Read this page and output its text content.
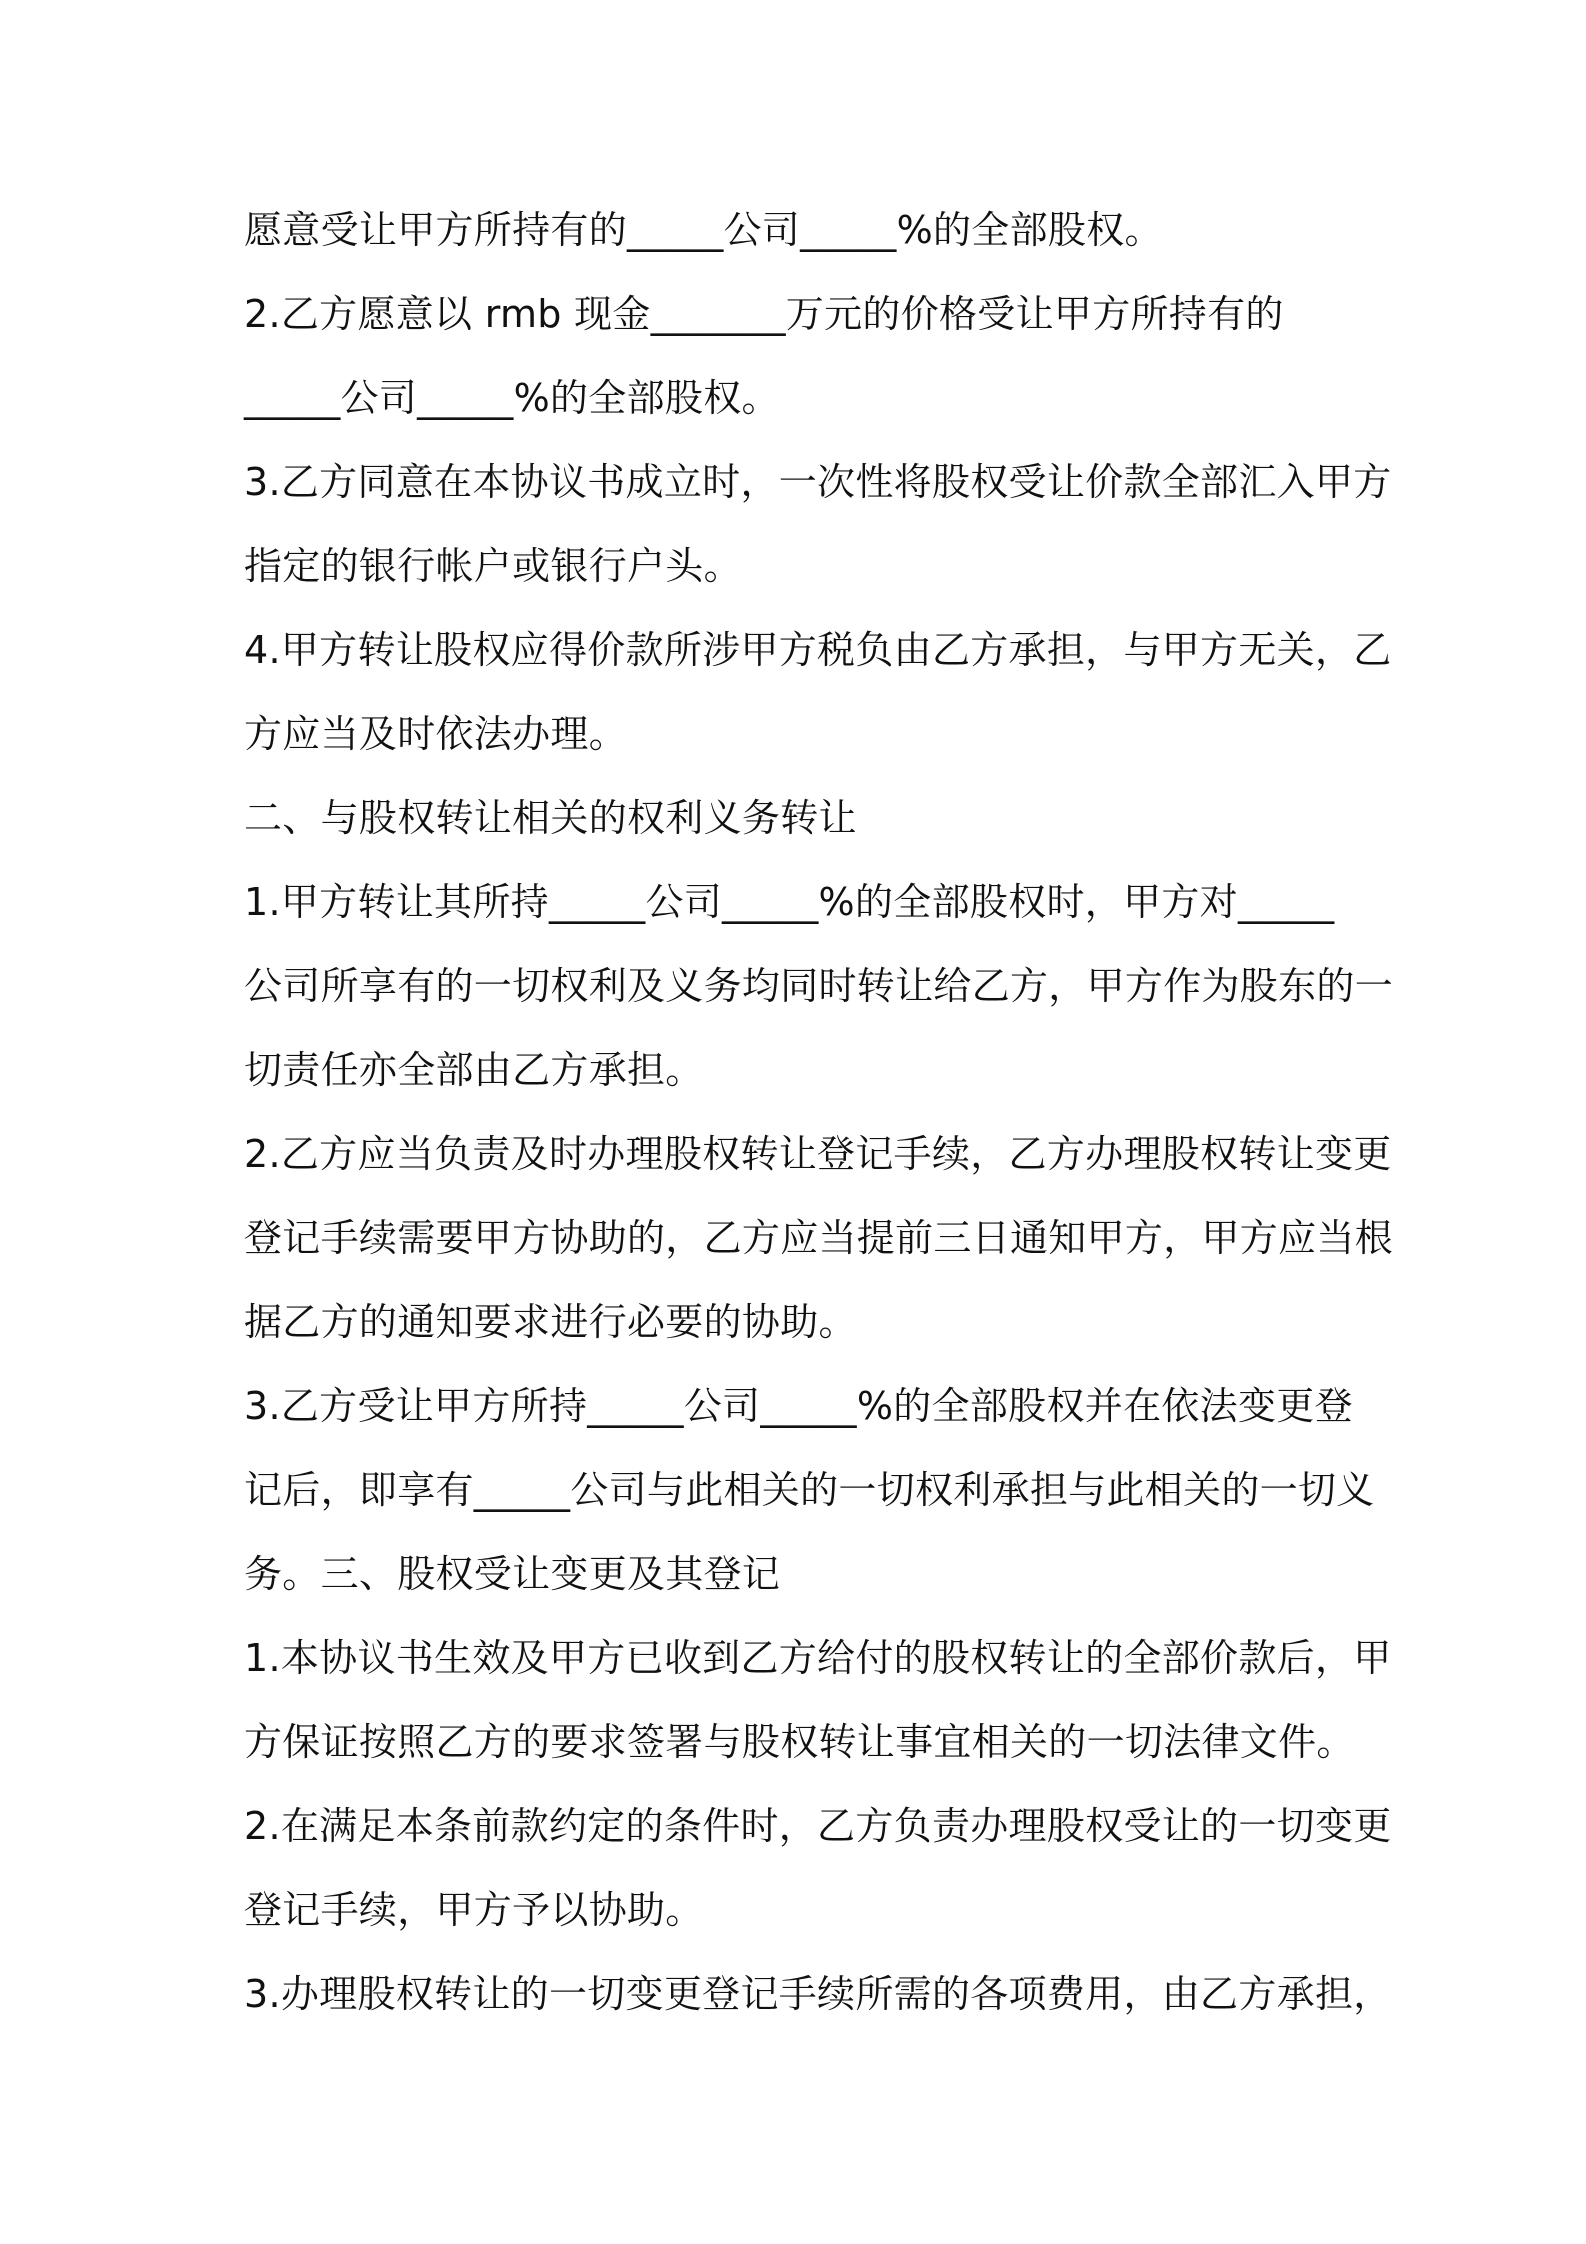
愿意受让甲方所持有的_____公司_____%的全部股权。
2.乙方愿意以 rmb 现金_______万元的价格受让甲方所持有的
_____公司_____%的全部股权。
3.乙方同意在本协议书成立时，一次性将股权受让价款全部汇入甲方
指定的银行帐户或银行户头。
4.甲方转让股权应得价款所涉甲方税负由乙方承担，与甲方无关，乙
方应当及时依法办理。
二、与股权转让相关的权利义务转让
1.甲方转让其所持_____公司_____%的全部股权时，甲方对_____
公司所享有的一切权利及义务均同时转让给乙方，甲方作为股东的一
切责任亦全部由乙方承担。
2.乙方应当负责及时办理股权转让登记手续，乙方办理股权转让变更
登记手续需要甲方协助的，乙方应当提前三日通知甲方，甲方应当根
据乙方的通知要求进行必要的协助。
3.乙方受让甲方所持_____公司_____%的全部股权并在依法变更登
记后，即享有_____公司与此相关的一切权利承担与此相关的一切义
务。三、股权受让变更及其登记
1.本协议书生效及甲方已收到乙方给付的股权转让的全部价款后，甲
方保证按照乙方的要求签署与股权转让事宜相关的一切法律文件。
2.在满足本条前款约定的条件时，乙方负责办理股权受让的一切变更
登记手续，甲方予以协助。
3.办理股权转让的一切变更登记手续所需的各项费用，由乙方承担，
